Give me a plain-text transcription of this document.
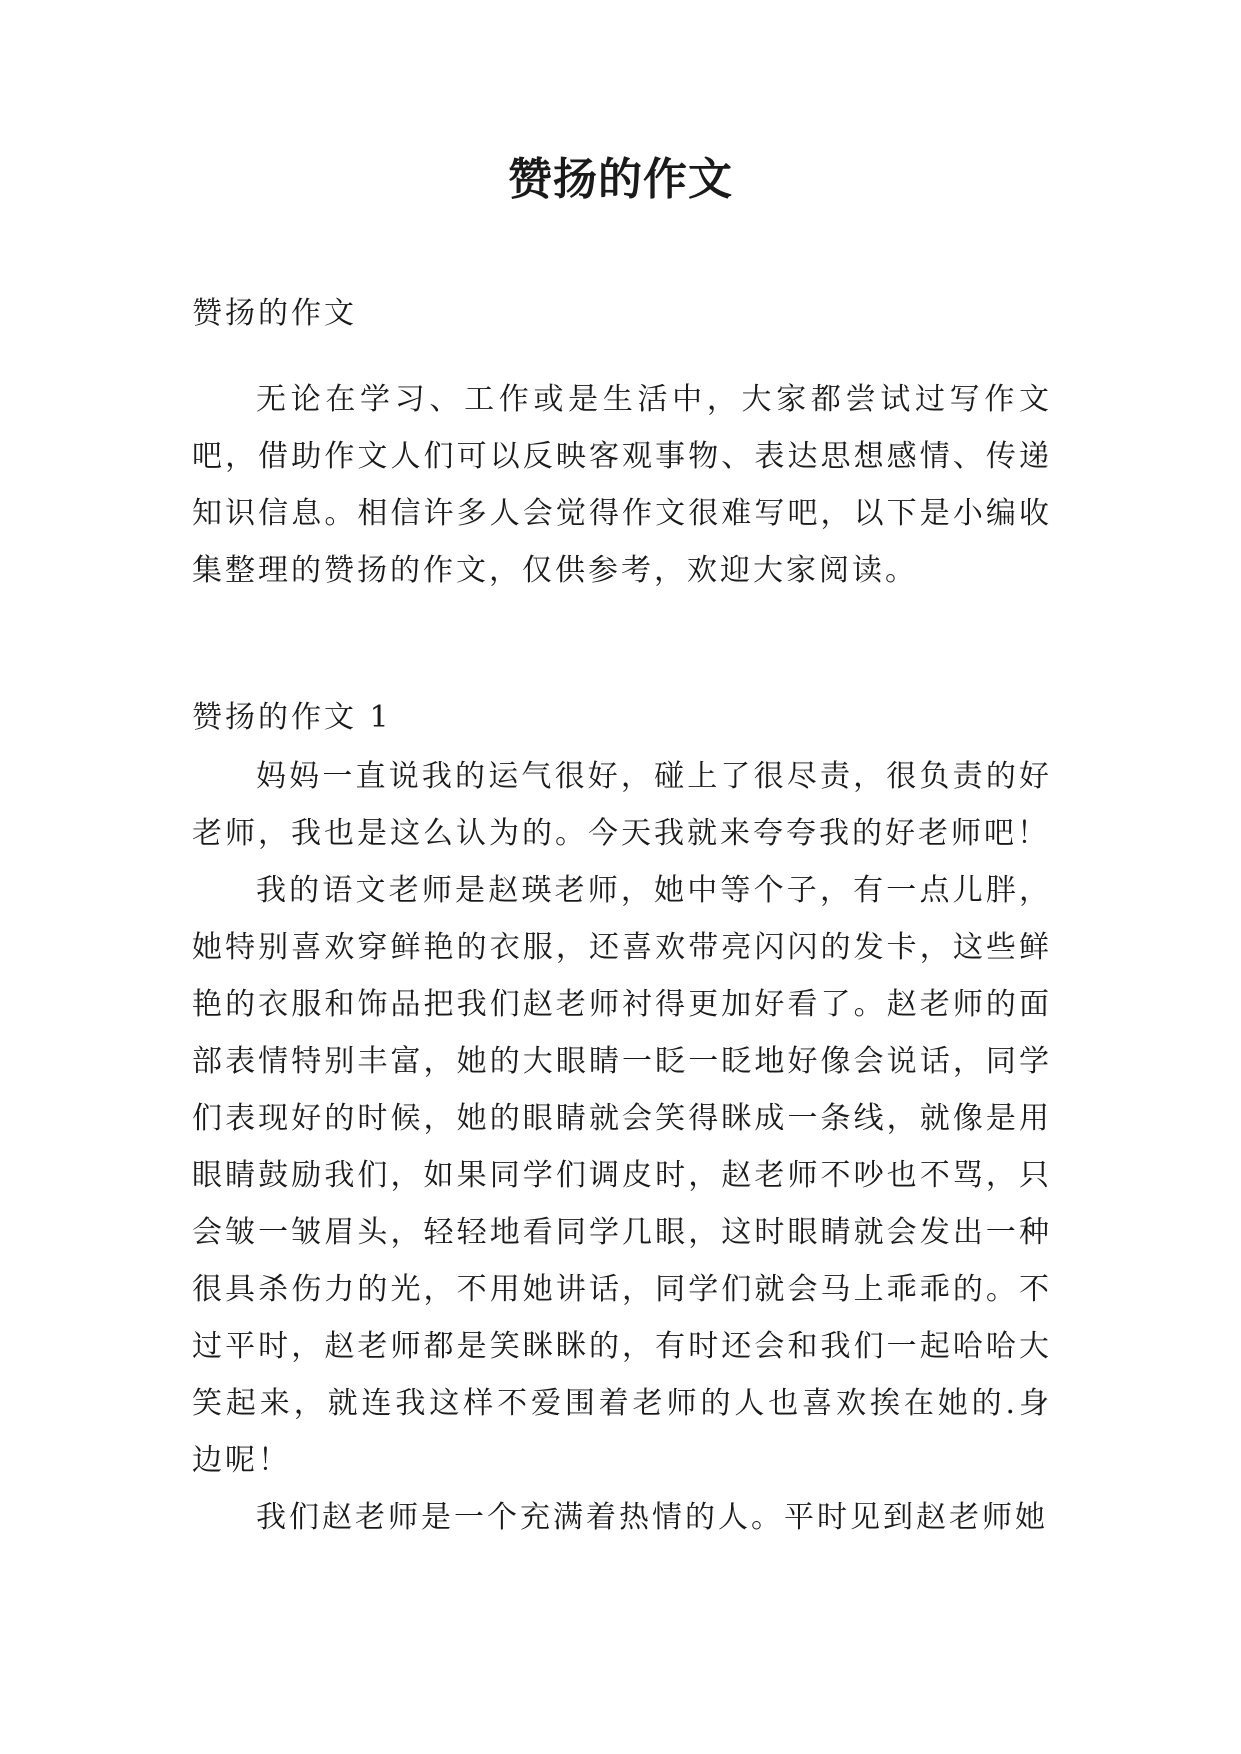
赞扬的作文
赞扬的作文

无论在学习、工作或是生活中，大家都尝试过写作文吧，借助作文人们可以反映客观事物、表达思想感情、传递知识信息。相信许多人会觉得作文很难写吧，以下是小编收集整理的赞扬的作文，仅供参考，欢迎大家阅读。

赞扬的作文 1

妈妈一直说我的运气很好，碰上了很尽责，很负责的好老师，我也是这么认为的。今天我就来夸夸我的好老师吧！

我的语文老师是赵瑛老师，她中等个子，有一点儿胖，她特别喜欢穿鲜艳的衣服，还喜欢带亮闪闪的发卡，这些鲜艳的衣服和饰品把我们赵老师衬得更加好看了。赵老师的面部表情特别丰富，她的大眼睛一眨一眨地好像会说话，同学们表现好的时候，她的眼睛就会笑得眯成一条线，就像是用眼睛鼓励我们，如果同学们调皮时，赵老师不吵也不骂，只会皱一皱眉头，轻轻地看同学几眼，这时眼睛就会发出一种很具杀伤力的光，不用她讲话，同学们就会马上乖乖的。不过平时，赵老师都是笑眯眯的，有时还会和我们一起哈哈大笑起来，就连我这样不爱围着老师的人也喜欢挨在她的.身边呢！

我们赵老师是一个充满着热情的人。平时见到赵老师她
